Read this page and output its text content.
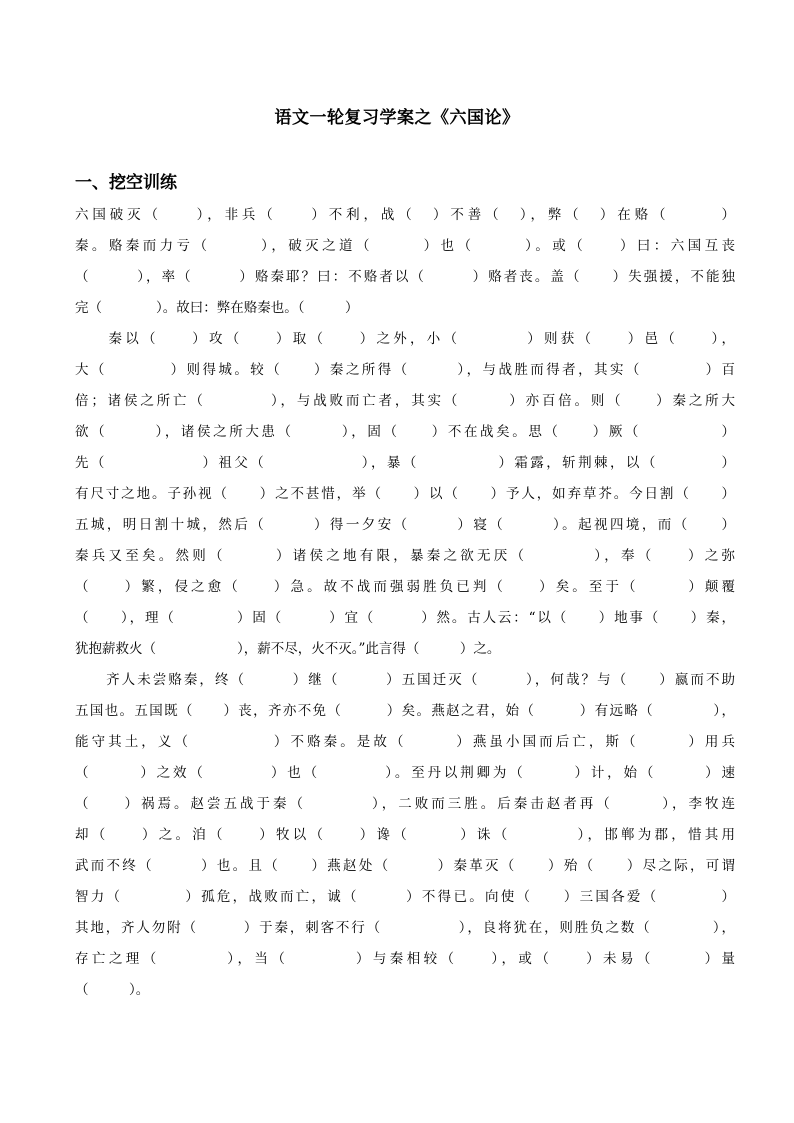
语文一轮复习学案之《六国论》
一、挖空训练
六国破灭（　　），非兵（　　）不利，战（　）不善（　），弊（　）在赂（　　　）
秦。赂秦而力亏（　　　），破灭之道（　　　）也（　　　）。或（　　）曰：六国互丧
（　　　），率（　　　）赂秦耶？曰：不赂者以（　　　）赂者丧。盖（　　）失强援，不能独
完（　　　　）。故曰：弊在赂秦也。（　　　）
　　秦以（　　）攻（　　）取（　　）之外，小（　　　　）则获（　　）邑（　　），
大（　　　　）则得城。较（　　）秦之所得（　　　），与战胜而得者，其实（　　　　）百
倍；诸侯之所亡（　　　　），与战败而亡者，其实（　　　）亦百倍。则（　　）秦之所大
欲（　　　），诸侯之所大患（　　　），固（　　）不在战矣。思（　　）厥（　　　　　）
先（　　　　　　）祖父（　　　　　　），暴（　　　　　）霜露，斩荆棘，以（　　　　）
有尺寸之地。子孙视（　　）之不甚惜，举（　　）以（　　）予人，如弃草芥。今日割（　　）
五城，明日割十城，然后（　　　）得一夕安（　　　）寝（　　　）。起视四境，而（　　）
秦兵又至矣。然则（　　　）诸侯之地有限，暴秦之欲无厌（　　　　），奉（　　）之弥
（　　）繁，侵之愈（　　）急。故不战而强弱胜负已判（　　）矣。至于（　　　）颠覆
（　　），理（　　　　）固（　　　）宜（　　　）然。古人云：“以（　　）地事（　　）秦，
犹抱薪救火（　　　　　　），薪不尽，火不灭。”此言得（　　　）之。
　　齐人未尝赂秦，终（　　　）继（　　　）五国迁灭（　　　），何哉？与（　　）嬴而不助
五国也。五国既（　　）丧，齐亦不免（　　　）矣。燕赵之君，始（　　　）有远略（　　　　），
能守其土，义（　　　　　）不赂秦。是故（　　　）燕虽小国而后亡，斯（　　　）用兵
（　　　）之效（　　　　）也（　　　　）。至丹以荆卿为（　　　）计，始（　　　）速
（　　）祸焉。赵尝五战于秦（　　　　），二败而三胜。后秦击赵者再（　　　），李牧连
却（　　）之。洎（　　）牧以（　　）谗（　　　）诛（　　　　），邯郸为郡，惜其用
武而不终（　　　）也。且（　　）燕赵处（　　　）秦革灭（　　）殆（　　）尽之际，可谓
智力（　　　　）孤危，战败而亡，诚（　　　）不得已。向使（　　）三国各爱（　　　　）
其地，齐人勿附（　　　）于秦，刺客不行（　　　　　），良将犹在，则胜负之数（　　　　），
存亡之理（　　　　），当（　　　　）与秦相较（　　），或（　　）未易（　　　）量
（　　　）。
